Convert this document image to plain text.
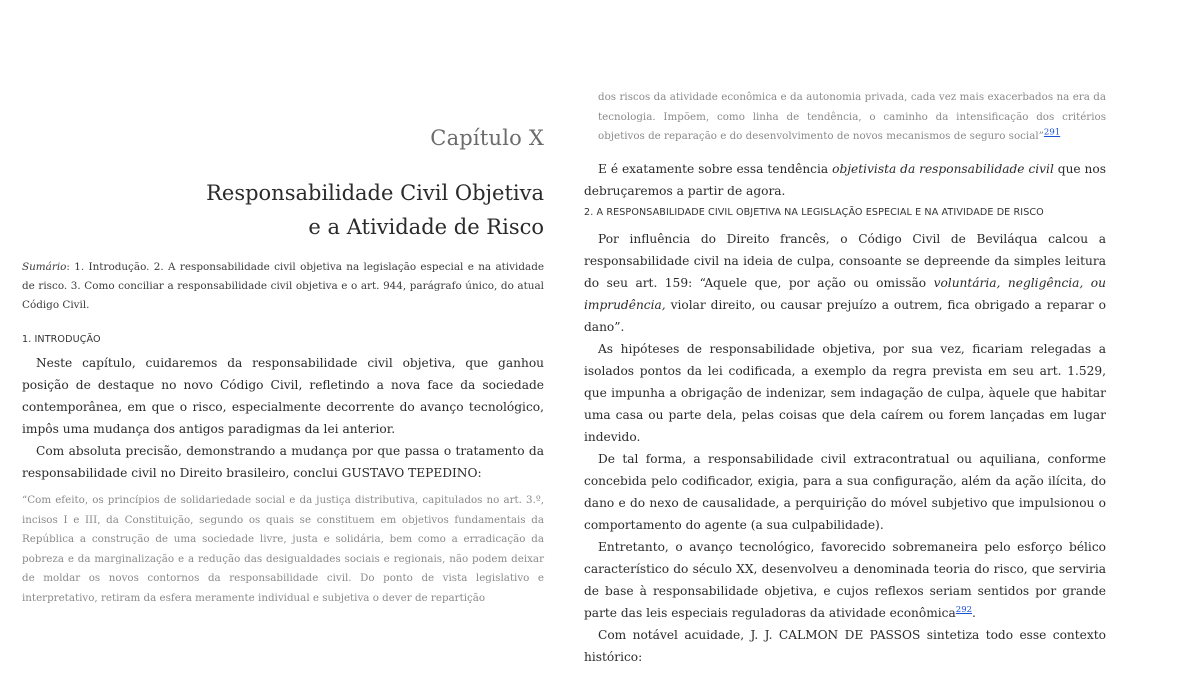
Capítulo X
Responsabilidade Civil Objetiva
e a Atividade de Risco

Sumário: 1. Introdução. 2. A responsabilidade civil objetiva na legislação especial e na atividade de risco. 3. Como conciliar a responsabilidade civil objetiva e o art. 944, parágrafo único, do atual Código Civil.

1. INTRODUÇÃO

Neste capítulo, cuidaremos da responsabilidade civil objetiva, que ganhou posição de destaque no novo Código Civil, refletindo a nova face da sociedade contemporânea, em que o risco, especialmente decorrente do avanço tecnológico, impôs uma mudança dos antigos paradigmas da lei anterior.

Com absoluta precisão, demonstrando a mudança por que passa o tratamento da responsabilidade civil no Direito brasileiro, conclui GUSTAVO TEPEDINO:

“Com efeito, os princípios de solidariedade social e da justiça distributiva, capitulados no art. 3.º, incisos I e III, da Constituição, segundo os quais se constituem em objetivos fundamentais da República a construção de uma sociedade livre, justa e solidária, bem como a erradicação da pobreza e da marginalização e a redução das desigualdades sociais e regionais, não podem deixar de moldar os novos contornos da responsabilidade civil. Do ponto de vista legislativo e interpretativo, retiram da esfera meramente individual e subjetiva o dever de repartição

dos riscos da atividade econômica e da autonomia privada, cada vez mais exacerbados na era da tecnologia. Impõem, como linha de tendência, o caminho da intensificação dos critérios objetivos de reparação e do desenvolvimento de novos mecanismos de seguro social”$^{291}$

E é exatamente sobre essa tendência objetivista da responsabilidade civil que nos debruçaremos a partir de agora.

2. A RESPONSABILIDADE CIVIL OBJETIVA NA LEGISLAÇÃO ESPECIAL E NA ATIVIDADE DE RISCO

Por influência do Direito francês, o Código Civil de Beviláqua calcou a responsabilidade civil na ideia de culpa, consoante se depreende da simples leitura do seu art. 159: “Aquele que, por ação ou omissão voluntária, negligência, ou imprudência, violar direito, ou causar prejuízo a outrem, fica obrigado a reparar o dano”.

As hipóteses de responsabilidade objetiva, por sua vez, ficariam relegadas a isolados pontos da lei codificada, a exemplo da regra prevista em seu art. 1.529, que impunha a obrigação de indenizar, sem indagação de culpa, àquele que habitar uma casa ou parte dela, pelas coisas que dela caírem ou forem lançadas em lugar indevido.

De tal forma, a responsabilidade civil extracontratual ou aquiliana, conforme concebida pelo codificador, exigia, para a sua configuração, além da ação ilícita, do dano e do nexo de causalidade, a perquirição do móvel subjetivo que impulsionou o comportamento do agente (a sua culpabilidade).

Entretanto, o avanço tecnológico, favorecido sobremaneira pelo esforço bélico característico do século XX, desenvolveu a denominada teoria do risco, que serviria de base à responsabilidade objetiva, e cujos reflexos seriam sentidos por grande parte das leis especiais reguladoras da atividade econômica$^{292}$.

Com notável acuidade, J. J. CALMON DE PASSOS sintetiza todo esse contexto histórico:
